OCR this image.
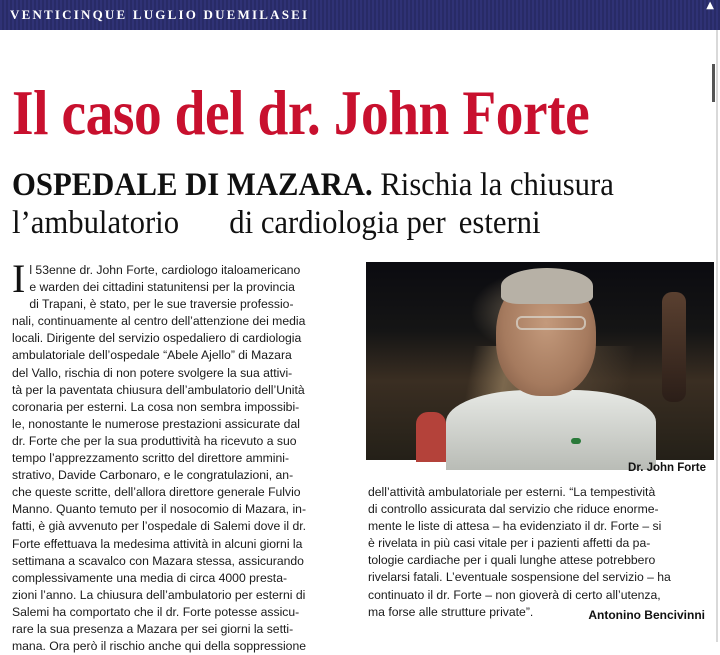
VENTICINQUE LUGLIO DUEMILASEI
▲
Il caso del dr. John Forte
OSPEDALE DI MAZARA. Rischia la chiusura
l’ambulatorio di cardiologia per esterni
I l 53enne dr. John Forte, cardiologo italoamericano
e warden dei cittadini statunitensi per la provincia
di Trapani, è stato, per le sue traversie professio-
nali, continuamente al centro dell’attenzione dei media
locali. Dirigente del servizio ospedaliero di cardiologia
ambulatoriale dell’ospedale “Abele Ajello” di Mazara
del Vallo, rischia di non potere svolgere la sua attivi-
tà per la paventata chiusura dell’ambulatorio dell’Unità
coronaria per esterni. La cosa non sembra impossibi-
le, nonostante le numerose prestazioni assicurate dal
dr. Forte che per la sua produttività ha ricevuto a suo
tempo l’apprezzamento scritto del direttore ammini-
strativo, Davide Carbonaro, e le congratulazioni, an-
che queste scritte, dell’allora direttore generale Fulvio
Manno. Quanto temuto per il nosocomio di Mazara, in-
fatti, è già avvenuto per l’ospedale di Salemi dove il dr.
Forte effettuava la medesima attività in alcuni giorni la
settimana a scavalco con Mazara stessa, assicurando
complessivamente una media di circa 4000 presta-
zioni l’anno. La chiusura dell’ambulatorio per esterni di
Salemi ha comportato che il dr. Forte potesse assicu-
rare la sua presenza a Mazara per sei giorni la setti-
mana. Ora però il rischio anche qui della soppressione

Dr. John Forte
dell’attività ambulatoriale per esterni. “La tempestività
di controllo assicurata dal servizio che riduce enorme-
mente le liste di attesa – ha evidenziato il dr. Forte – si
è rivelata in più casi vitale per i pazienti affetti da pa-
tologie cardiache per i quali lunghe attese potrebbero
rivelarsi fatali. L’eventuale sospensione del servizio – ha
continuato il dr. Forte – non gioverà di certo all’utenza,
ma forse alle strutture private”.	Antonino Bencivinni
